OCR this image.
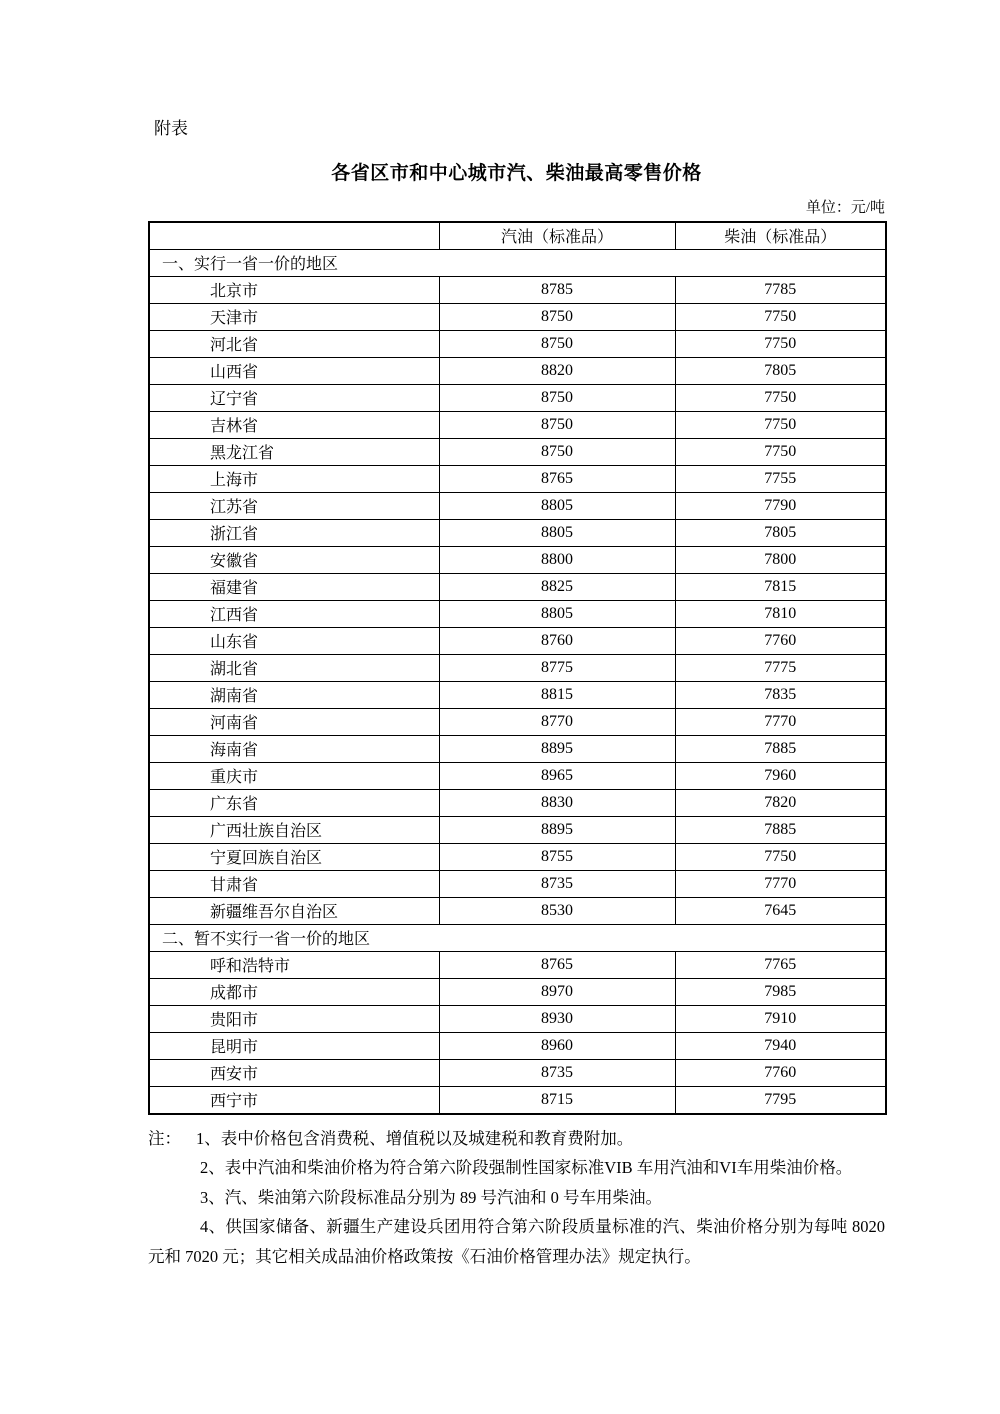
附表

各省区市和中心城市汽、柴油最高零售价格

单位：元/吨

	汽油（标准品）	柴油（标准品）
一、实行一省一价的地区		
北京市	8785	7785
天津市	8750	7750
河北省	8750	7750
山西省	8820	7805
辽宁省	8750	7750
吉林省	8750	7750
黑龙江省	8750	7750
上海市	8765	7755
江苏省	8805	7790
浙江省	8805	7805
安徽省	8800	7800
福建省	8825	7815
江西省	8805	7810
山东省	8760	7760
湖北省	8775	7775
湖南省	8815	7835
河南省	8770	7770
海南省	8895	7885
重庆市	8965	7960
广东省	8830	7820
广西壮族自治区	8895	7885
宁夏回族自治区	8755	7750
甘肃省	8735	7770
新疆维吾尔自治区	8530	7645
二、暂不实行一省一价的地区		
呼和浩特市	8765	7765
成都市	8970	7985
贵阳市	8930	7910
昆明市	8960	7940
西安市	8735	7760
西宁市	8715	7795

注： 1、表中价格包含消费税、增值税以及城建税和教育费附加。

2、表中汽油和柴油价格为符合第六阶段强制性国家标准VIB 车用汽油和VI车用柴油价格。

3、汽、柴油第六阶段标准品分别为 89 号汽油和 0 号车用柴油。

4、供国家储备、新疆生产建设兵团用符合第六阶段质量标准的汽、柴油价格分别为每吨 8020 元和 7020 元；其它相关成品油价格政策按《石油价格管理办法》规定执行。
